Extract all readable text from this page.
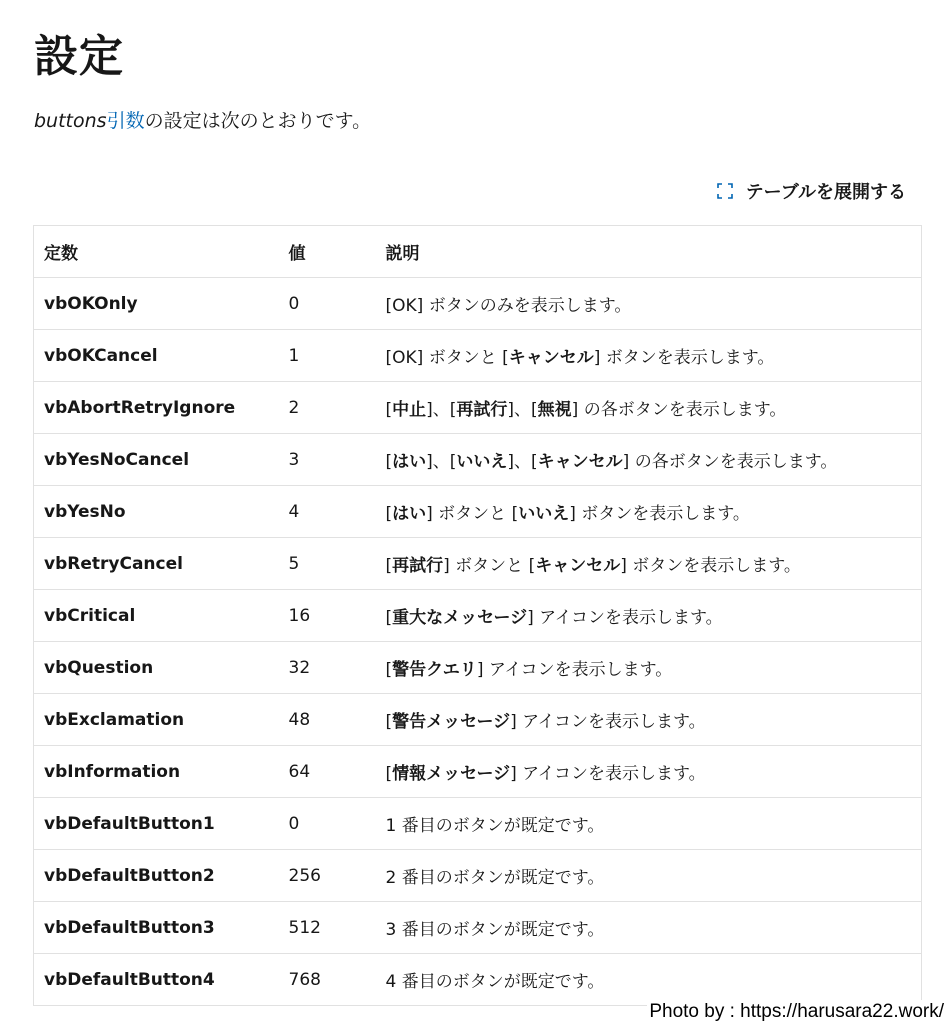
設定

buttons引数の設定は次のとおりです。

テーブルを展開する
定数	値	説明
vbOKOnly	0	[OK] ボタンのみを表示します。
vbOKCancel	1	[OK] ボタンと [キャンセル] ボタンを表示します。
vbAbortRetryIgnore	2	[中止]、[再試行]、[無視] の各ボタンを表示します。
vbYesNoCancel	3	[はい]、[いいえ]、[キャンセル] の各ボタンを表示します。
vbYesNo	4	[はい] ボタンと [いいえ] ボタンを表示します。
vbRetryCancel	5	[再試行] ボタンと [キャンセル] ボタンを表示します。
vbCritical	16	[重大なメッセージ] アイコンを表示します。
vbQuestion	32	[警告クエリ] アイコンを表示します。
vbExclamation	48	[警告メッセージ] アイコンを表示します。
vbInformation	64	[情報メッセージ] アイコンを表示します。
vbDefaultButton1	0	1 番目のボタンが既定です。
vbDefaultButton2	256	2 番目のボタンが既定です。
vbDefaultButton3	512	3 番目のボタンが既定です。
vbDefaultButton4	768	4 番目のボタンが既定です。
Photo by : https://harusara22.work/
